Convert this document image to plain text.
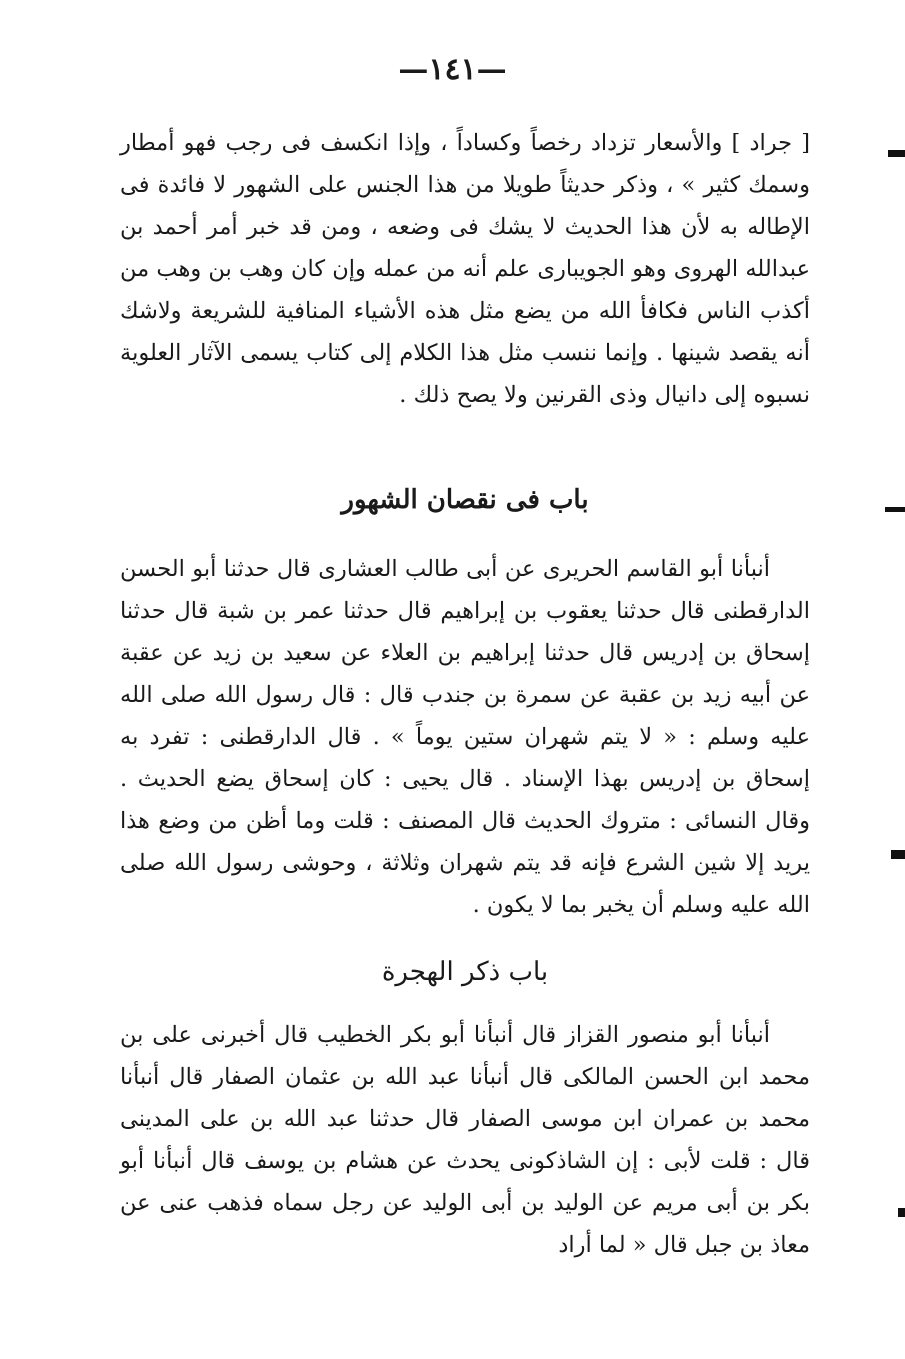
—١٤١—

[ جراد ] والأسعار تزداد رخصاً وكساداً ، وإذا انكسف فى رجب فهو أمطار وسمك كثير » ، وذكر حديثاً طويلا من هذا الجنس على الشهور لا فائدة فى الإطاله به لأن هذا الحديث لا يشك فى وضعه ، ومن قد خبر أمر أحمد بن عبدالله الهروى وهو الجويبارى علم أنه من عمله وإن كان وهب بن وهب من أكذب الناس فكافأ الله من يضع مثل هذه الأشياء المنافية للشريعة ولاشك أنه يقصد شينها . وإنما ننسب مثل هذا الكلام إلى كتاب يسمى الآثار العلوية نسبوه إلى دانيال وذى القرنين ولا يصح ذلك .

باب فى نقصان الشهور

أنبأنا أبو القاسم الحريرى عن أبى طالب العشارى قال حدثنا أبو الحسن الدارقطنى قال حدثنا يعقوب بن إبراهيم قال حدثنا عمر بن شبة قال حدثنا إسحاق بن إدريس قال حدثنا إبراهيم بن العلاء عن سعيد بن زيد عن عقبة عن أبيه زيد بن عقبة عن سمرة بن جندب قال : قال رسول الله صلى الله عليه وسلم : « لا يتم شهران ستين يوماً » . قال الدارقطنى : تفرد به إسحاق بن إدريس بهذا الإسناد . قال يحيى : كان إسحاق يضع الحديث . وقال النسائى : متروك الحديث قال المصنف : قلت وما أظن من وضع هذا يريد إلا شين الشرع فإنه قد يتم شهران وثلاثة ، وحوشى رسول الله صلى الله عليه وسلم أن يخبر بما لا يكون .

باب ذكر الهجرة

أنبأنا أبو منصور القزاز قال أنبأنا أبو بكر الخطيب قال أخبرنى على بن محمد ابن الحسن المالكى قال أنبأنا عبد الله بن عثمان الصفار قال أنبأنا محمد بن عمران ابن موسى الصفار قال حدثنا عبد الله بن على المدينى قال : قلت لأبى : إن الشاذكونى يحدث عن هشام بن يوسف قال أنبأنا أبو بكر بن أبى مريم عن الوليد بن أبى الوليد عن رجل سماه فذهب عنى عن معاذ بن جبل قال « لما أراد
